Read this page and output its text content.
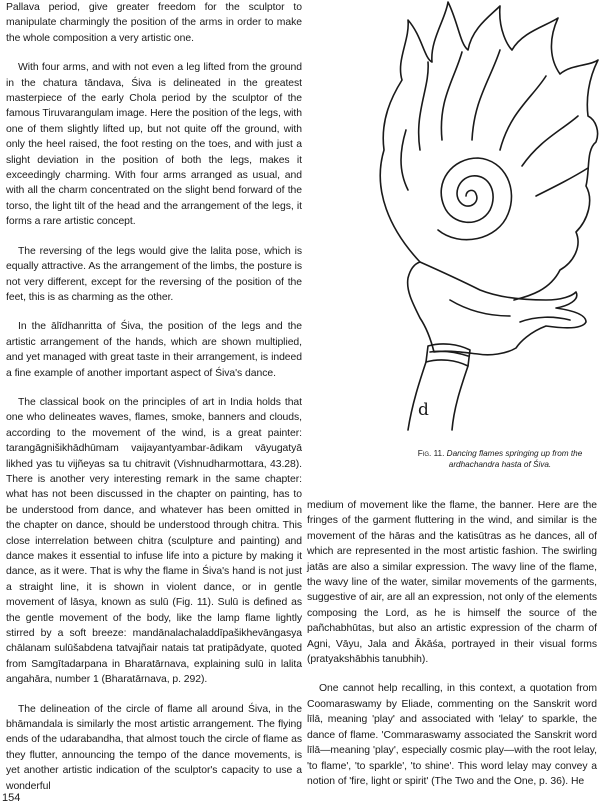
Pallava period, give greater freedom for the sculptor to manipulate charmingly the position of the arms in order to make the whole composition a very artistic one.

With four arms, and with not even a leg lifted from the ground in the chatura tāndava, Śiva is delineated in the greatest masterpiece of the early Chola period by the sculptor of the famous Tiruvarangulam image. Here the position of the legs, with one of them slightly lifted up, but not quite off the ground, with only the heel raised, the foot resting on the toes, and with just a slight deviation in the position of both the legs, makes it exceedingly charming. With four arms arranged as usual, and with all the charm concentrated on the slight bend forward of the torso, the light tilt of the head and the arrangement of the legs, it forms a rare artistic concept.

The reversing of the legs would give the lalita pose, which is equally attractive. As the arrangement of the limbs, the posture is not very different, except for the reversing of the position of the feet, this is as charming as the other.

In the ālīdhanritta of Śiva, the position of the legs and the artistic arrangement of the hands, which are shown multiplied, and yet managed with great taste in their arrangement, is indeed a fine example of another important aspect of Śiva's dance.

The classical book on the principles of art in India holds that one who delineates waves, flames, smoke, banners and clouds, according to the movement of the wind, is a great painter: tarangāgnišikhādhūmam vaijayantyambar-ādikam vāyugatyā likhed yas tu vijñeyas sa tu chitravit (Vishnudharmottara, 43.28). There is another very interesting remark in the same chapter: what has not been discussed in the chapter on painting, has to be understood from dance, and whatever has been omitted in the chapter on dance, should be understood through chitra. This close interrelation between chitra (sculpture and painting) and dance makes it essential to infuse life into a picture by making it dance, as it were. That is why the flame in Śiva's hand is not just a straight line, it is shown in violent dance, or in gentle movement of lāsya, known as sulū (Fig. 11). Sulū is defined as the gentle movement of the body, like the lamp flame lightly stirred by a soft breeze: mandānalachaladdīpašikhevāngasya chālanam sulūšabdena tatvajñair natais tat pratipādyate, quoted from Samgītadarpana in Bharatārnava, explaining sulū in lalita angahāra, number 1 (Bharatārnava, p. 292).

The delineation of the circle of flame all around Śiva, in the bhāmandala is similarly the most artistic arrangement. The flying ends of the udarabandha, that almost touch the circle of flame as they flutter, announcing the tempo of the dance movements, is yet another artistic indication of the sculptor's capacity to use a wonderful

d
Fig. 11. Dancing flames springing up from the ardhachandra hasta of Śiva.

medium of movement like the flame, the banner. Here are the fringes of the garment fluttering in the wind, and similar is the movement of the hāras and the katisūtras as he dances, all of which are represented in the most artistic fashion. The swirling jatās are also a similar expression. The wavy line of the flame, the wavy line of the water, similar movements of the garments, suggestive of air, are all an expression, not only of the elements composing the Lord, as he is himself the source of the pañchabhūtas, but also an artistic expression of the charm of Agni, Vāyu, Jala and Ākāśa, portrayed in their visual forms (pratyakshābhis tanubhih).

One cannot help recalling, in this context, a quotation from Coomaraswamy by Eliade, commenting on the Sanskrit word līlā, meaning 'play' and associated with 'lelay' to sparkle, the dance of flame. 'Commaraswamy associated the Sanskrit word līlā—meaning 'play', especially cosmic play—with the root lelay, 'to flame', 'to sparkle', 'to shine'. This word lelay may convey a notion of 'fire, light or spirit' (The Two and the One, p. 36). He

154
